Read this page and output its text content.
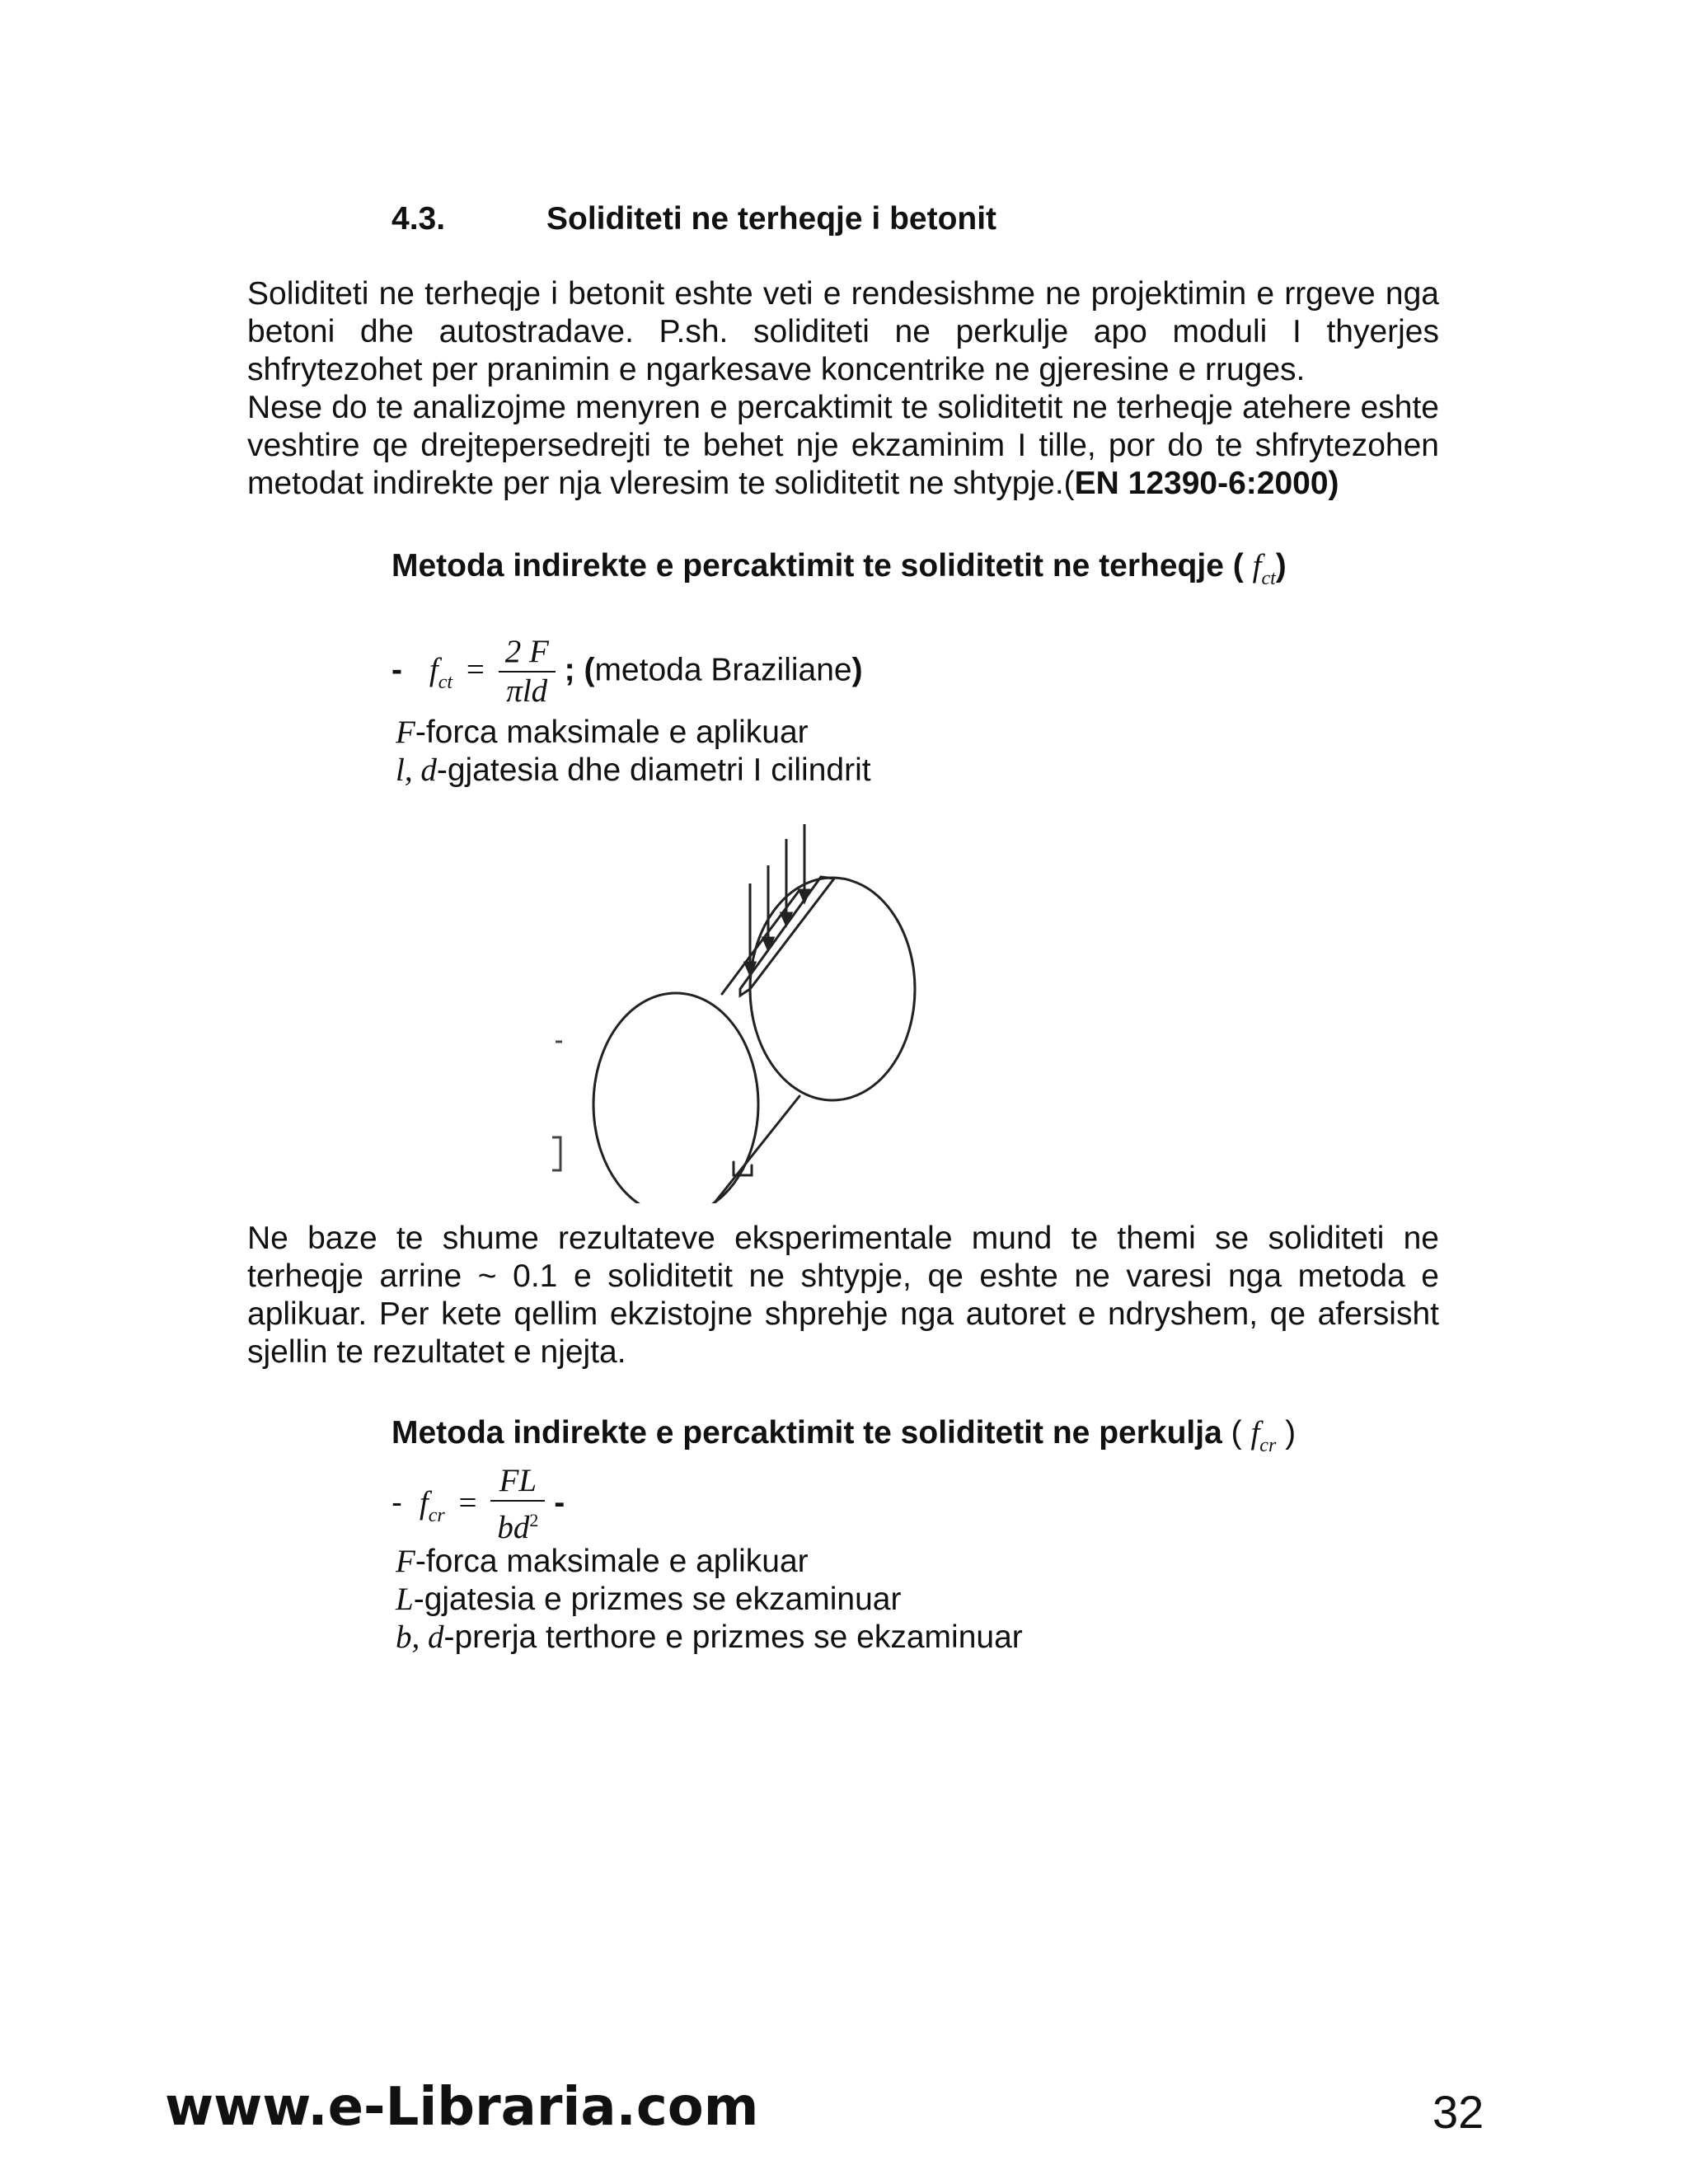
4.3.	Soliditeti ne terheqje i betonit

Soliditeti ne terheqje i betonit eshte veti e rendesishme ne projektimin e rrgeve nga betoni dhe autostradave. P.sh. soliditeti ne perkulje apo moduli I thyerjes shfrytezohet per pranimin e ngarkesave koncentrike ne gjeresine e rruges.

Nese do te analizojme menyren e percaktimit te soliditetit ne terheqje atehere eshte veshtire qe drejtepersedrejti te behet nje ekzaminim I tille, por do te shfrytezohen metodat indirekte per nja vleresim te soliditetit ne shtypje.(EN 12390-6:2000)

Metoda indirekte e percaktimit te soliditetit ne terheqje ( $f_{ct}$)
- $f_{ct} = \frac{2 F}{\text{πld}}$ ; (metoda Braziliane)
F-forca maksimale e aplikuar
l, d-gjatesia dhe diametri I cilindrit
Ne baze te shume rezultateve eksperimentale mund te themi se soliditeti ne terheqje arrine ~ 0.1 e soliditetit ne shtypje, qe eshte ne varesi nga metoda e aplikuar. Per kete qellim ekzistojne shprehje nga autoret e ndryshem, qe afersisht sjellin te rezultatet e njejta.
Metoda indirekte e percaktimit te soliditetit ne perkulja ( $f_{cr}$ )
- $f_{cr} = \frac{FL}{bd^2}$ -
F-forca maksimale e aplikuar
L-gjatesia e prizmes se ekzaminuar
b, d-prerja terthore e prizmes se ekzaminuar
www.e-Libraria.com	32
